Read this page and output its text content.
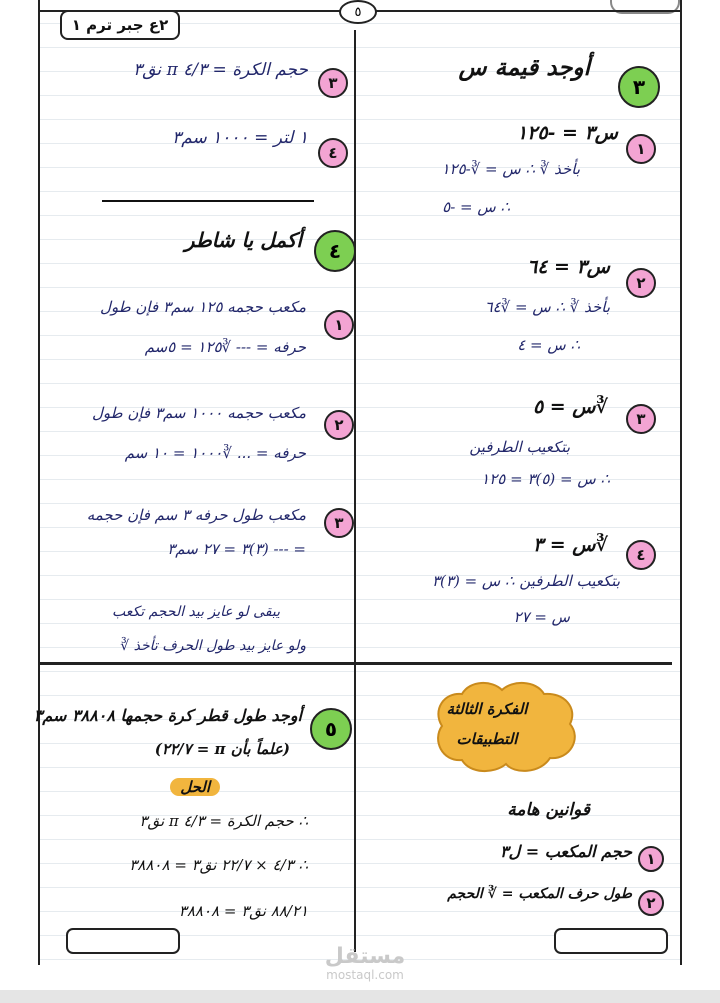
٢ع جبر ترم ١
٥
٣
أوجد قيمة س
١
س٣ = -١٢٥
بأخذ ∛ ∴ س = ∛-١٢٥
∴ س = -٥
٢
س٣ = ٦٤
بأخذ ∛ ∴ س = ∛٦٤
∴ س = ٤
٣
∛س = ٥
بتكعيب الطرفين
∴ س = (٥)٣ = ١٢٥
٤
∛س = ٣
بتكعيب الطرفين ∴ س = (٣)٣
س = ٢٧
٣
حجم الكرة = ٤/٣ π نق٣
٤
١ لتر = ١٠٠٠ سم٣
٤
أكمل يا شاطر
١
مكعب حجمه ١٢٥ سم٣ فإن طول
حرفه = --- ∛١٢٥ = ٥سم
٢
مكعب حجمه ١٠٠٠ سم٣ فإن طول
حرفه = ... ∛١٠٠٠ = ١٠ سم
٣
مكعب طول حرفه ٣ سم فإن حجمه
= --- (٣)٣ = ٢٧ سم٣
يبقى لو عايز بيد الحجم تكعب
ولو عايز بيد طول الحرف تأخذ ∛
٥
أوجد طول قطر كرة حجمها ٣٨٨٠٨ سم٣
(علماً بأن π = ٢٢/٧)
الحل
∴ حجم الكرة = ٤/٣ π نق٣
∴ ٤/٣ × ٢٢/٧ نق٣ = ٣٨٨٠٨
٨٨/٢١ نق٣ = ٣٨٨٠٨
الفكرة الثالثة
التطبيقات
قوانين هامة
١
حجم المكعب = ل٣
٢
طول حرف المكعب = ∛ الحجم
مستقل
mostaql.com
